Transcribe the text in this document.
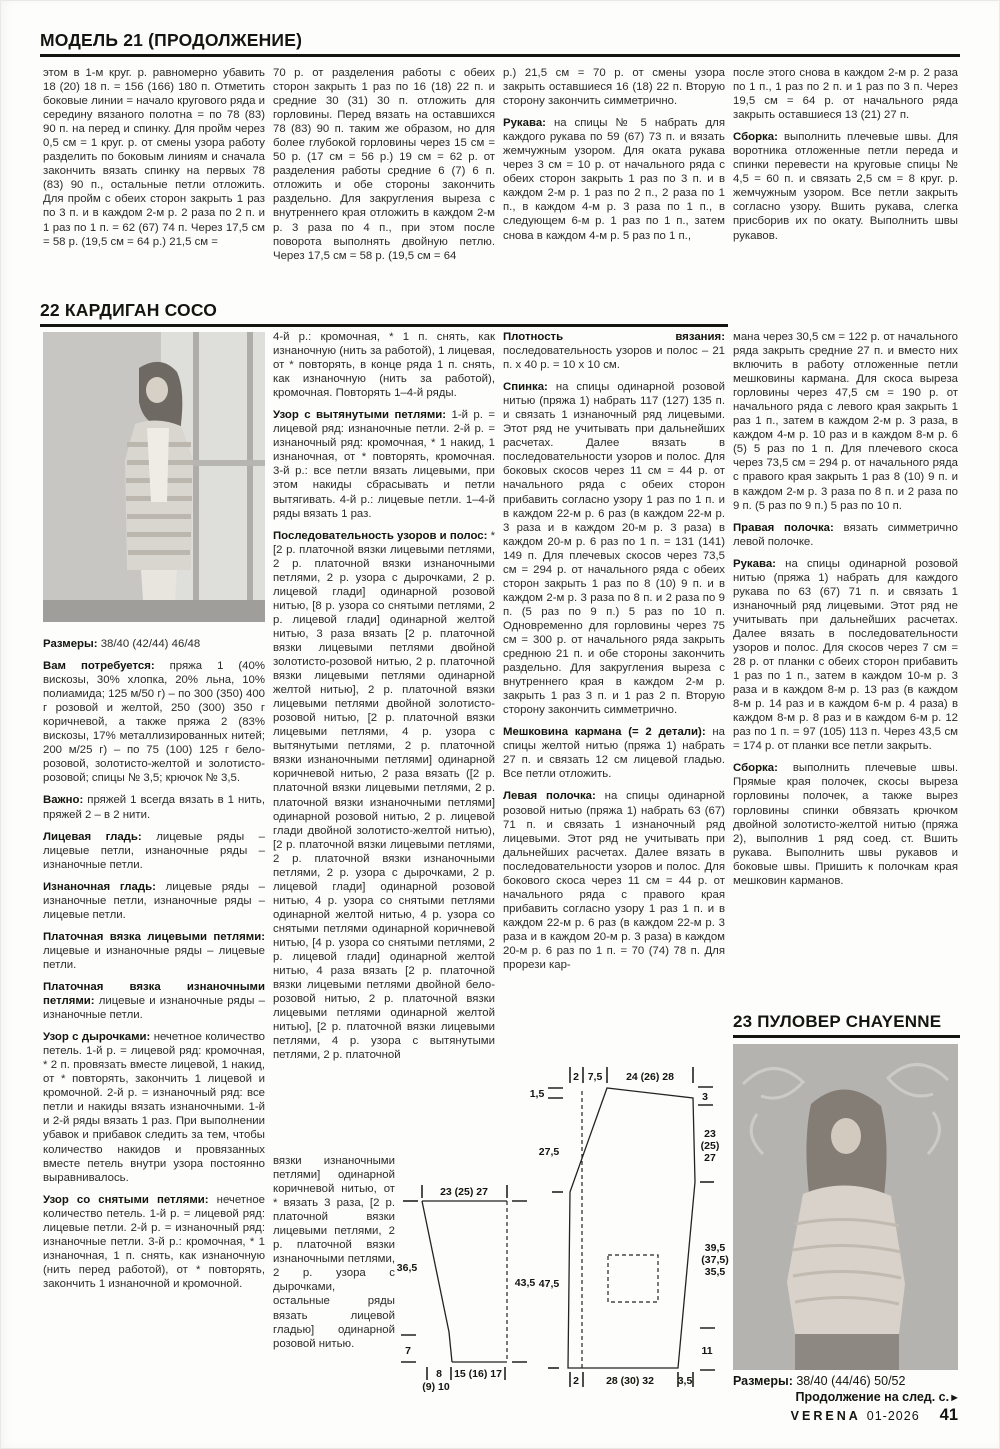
МОДЕЛЬ 21 (ПРОДОЛЖЕНИЕ)

этом в 1-м круг. р. равномерно убавить 18 (20) 18 п. = 156 (166) 180 п. Отметить боковые линии = начало кругового ряда и середину вязаного полотна = по 78 (83) 90 п. на перед и спинку. Для пройм через 0,5 см = 1 круг. р. от смены узора работу разделить по боковым линиям и сначала закончить вязать спинку на первых 78 (83) 90 п., остальные петли отложить. Для пройм с обеих сторон закрыть 1 раз по 3 п. и в каждом 2-м р. 2 раза по 2 п. и 1 раз по 1 п. = 62 (67) 74 п. Через 17,5 см = 58 р. (19,5 см = 64 р.) 21,5 см =

70 р. от разделения работы с обеих сторон закрыть 1 раз по 16 (18) 22 п. и средние 30 (31) 30 п. отложить для горловины. Перед вязать на оставшихся 78 (83) 90 п. таким же образом, но для более глубокой горловины через 15 см = 50 р. (17 см = 56 р.) 19 см = 62 р. от разделения работы средние 6 (7) 6 п. отложить и обе стороны закончить раздельно. Для закругления выреза с внутреннего края отложить в каждом 2-м р. 3 раза по 4 п., при этом после поворота выполнять двойную петлю. Через 17,5 см = 58 р. (19,5 см = 64

р.) 21,5 см = 70 р. от смены узора закрыть оставшиеся 16 (18) 22 п. Вторую сторону закончить симметрично.

Рукава: на спицы № 5 набрать для каждого рукава по 59 (67) 73 п. и вязать жемчужным узором. Для оката рукава через 3 см = 10 р. от начального ряда с обеих сторон закрыть 1 раз по 3 п. и в каждом 2-м р. 1 раз по 2 п., 2 раза по 1 п., в каждом 4-м р. 3 раза по 1 п., в следующем 6-м р. 1 раз по 1 п., затем снова в каждом 4-м р. 5 раз по 1 п.,

после этого снова в каждом 2-м р. 2 раза по 1 п., 1 раз по 2 п. и 1 раз по 3 п. Через 19,5 см = 64 р. от начального ряда закрыть оставшиеся 13 (21) 27 п.

Сборка: выполнить плечевые швы. Для воротника отложенные петли переда и спинки перевести на круговые спицы № 4,5 = 60 п. и связать 2,5 см = 8 круг. р. жемчужным узором. Все петли закрыть согласно узору. Вшить рукава, слегка присборив их по окату. Выполнить швы рукавов.

22 КАРДИГАН СОСО

Размеры: 38/40 (42/44) 46/48

Вам потребуется: пряжа 1 (40% вискозы, 30% хлопка, 20% льна, 10% полиамида; 125 м/50 г) – по 300 (350) 400 г розовой и желтой, 250 (300) 350 г коричневой, а также пряжа 2 (83% вискозы, 17% металлизированных нитей; 200 м/25 г) – по 75 (100) 125 г бело-розовой, золотисто-желтой и золотисто-розовой; спицы № 3,5; крючок № 3,5.

Важно: пряжей 1 всегда вязать в 1 нить, пряжей 2 – в 2 нити.

Лицевая гладь: лицевые ряды – лицевые петли, изнаночные ряды – изнаночные петли.

Изнаночная гладь: лицевые ряды – изнаночные петли, изнаночные ряды – лицевые петли.

Платочная вязка лицевыми петлями: лицевые и изнаночные ряды – лицевые петли.

Платочная вязка изнаночными петлями: лицевые и изнаночные ряды – изнаночные петли.

Узор с дырочками: нечетное количество петель. 1-й р. = лицевой ряд: кромочная, * 2 п. провязать вместе лицевой, 1 накид, от * повторять, закончить 1 лицевой и кромочной. 2-й р. = изнаночный ряд: все петли и накиды вязать изнаночными. 1-й и 2-й ряды вязать 1 раз. При выполнении убавок и прибавок следить за тем, чтобы количество накидов и провязанных вместе петель внутри узора постоянно выравнивалось.

Узор со снятыми петлями: нечетное количество петель. 1-й р. = лицевой ряд: лицевые петли. 2-й р. = изнаночный ряд: изнаночные петли. 3-й р.: кромочная, * 1 изнаночная, 1 п. снять, как изнаночную (нить перед работой), от * повторять, закончить 1 изнаночной и кромочной.

4-й р.: кромочная, * 1 п. снять, как изнаночную (нить за работой), 1 лицевая, от * повторять, в конце ряда 1 п. снять, как изнаночную (нить за работой), кромочная. Повторять 1–4-й ряды.

Узор с вытянутыми петлями: 1-й р. = лицевой ряд: изнаночные петли. 2-й р. = изнаночный ряд: кромочная, * 1 накид, 1 изнаночная, от * повторять, кромочная. 3-й р.: все петли вязать лицевыми, при этом накиды сбрасывать и петли вытягивать. 4-й р.: лицевые петли. 1–4-й ряды вязать 1 раз.

Последовательность узоров и полос: * [2 р. платочной вязки лицевыми петлями, 2 р. платочной вязки изнаночными петлями, 2 р. узора с дырочками, 2 р. лицевой глади] одинарной розовой нитью, [8 р. узора со снятыми петлями, 2 р. лицевой глади] одинарной желтой нитью, 3 раза вязать [2 р. платочной вязки лицевыми петлями двойной золотисто-розовой нитью, 2 р. платочной вязки лицевыми петлями одинарной желтой нитью], 2 р. платочной вязки лицевыми петлями двойной золотисто-розовой нитью, [2 р. платочной вязки лицевыми петлями, 4 р. узора с вытянутыми петлями, 2 р. платочной вязки изнаночными петлями] одинарной коричневой нитью, 2 раза вязать ([2 р. платочной вязки лицевыми петлями, 2 р. платочной вязки изнаночными петлями] одинарной розовой нитью, 2 р. лицевой глади двойной золотисто-желтой нитью), [2 р. платочной вязки лицевыми петлями, 2 р. платочной вязки изнаночными петлями, 2 р. узора с дырочками, 2 р. лицевой глади] одинарной розовой нитью, 4 р. узора со снятыми петлями одинарной желтой нитью, 4 р. узора со снятыми петлями одинарной коричневой нитью, [4 р. узора со снятыми петлями, 2 р. лицевой глади] одинарной желтой нитью, 4 раза вязать [2 р. платочной вязки лицевыми петлями двойной бело-розовой нитью, 2 р. платочной вязки лицевыми петлями одинарной желтой нитью], [2 р. платочной вязки лицевыми петлями, 4 р. узора с вытянутыми петлями, 2 р. платочной

вязки изнаночными петлями] одинарной коричневой нитью, от * вязать 3 раза, [2 р. платочной вязки лицевыми петлями, 2 р. платочной вязки изнаночными петлями, 2 р. узора с дырочками, остальные ряды вязать лицевой гладью] одинарной розовой нитью.

Плотность вязания: последовательность узоров и полос – 21 п. x 40 р. = 10 x 10 см.

Спинка: на спицы одинарной розовой нитью (пряжа 1) набрать 117 (127) 135 п. и связать 1 изнаночный ряд лицевыми. Этот ряд не учитывать при дальнейших расчетах. Далее вязать в последовательности узоров и полос. Для боковых скосов через 11 см = 44 р. от начального ряда с обеих сторон прибавить согласно узору 1 раз по 1 п. и в каждом 22-м р. 6 раз (в каждом 22-м р. 3 раза и в каждом 20-м р. 3 раза) в каждом 20-м р. 6 раз по 1 п. = 131 (141) 149 п. Для плечевых скосов через 73,5 см = 294 р. от начального ряда с обеих сторон закрыть 1 раз по 8 (10) 9 п. и в каждом 2-м р. 3 раза по 8 п. и 2 раза по 9 п. (5 раз по 9 п.) 5 раз по 10 п. Одновременно для горловины через 75 см = 300 р. от начального ряда закрыть среднюю 21 п. и обе стороны закончить раздельно. Для закругления выреза с внутреннего края в каждом 2-м р. закрыть 1 раз 3 п. и 1 раз 2 п. Вторую сторону закончить симметрично.

Мешковина кармана (= 2 детали): на спицы желтой нитью (пряжа 1) набрать 27 п. и связать 12 см лицевой гладью. Все петли отложить.

Левая полочка: на спицы одинарной розовой нитью (пряжа 1) набрать 63 (67) 71 п. и связать 1 изнаночный ряд лицевыми. Этот ряд не учитывать при дальнейших расчетах. Далее вязать в последовательности узоров и полос. Для бокового скоса через 11 см = 44 р. от начального ряда с правого края прибавить согласно узору 1 раз 1 п. и в каждом 22-м р. 6 раз (в каждом 22-м р. 3 раза и в каждом 20-м р. 3 раза) в каждом 20-м р. 6 раз по 1 п. = 70 (74) 78 п. Для прорези кар-

мана через 30,5 см = 122 р. от начального ряда закрыть средние 27 п. и вместо них включить в работу отложенные петли мешковины кармана. Для скоса выреза горловины через 47,5 см = 190 р. от начального ряда с левого края закрыть 1 раз 1 п., затем в каждом 2-м р. 3 раза, в каждом 4-м р. 10 раз и в каждом 8-м р. 6 (5) 5 раз по 1 п. Для плечевого скоса через 73,5 см = 294 р. от начального ряда с правого края закрыть 1 раз 8 (10) 9 п. и в каждом 2-м р. 3 раза по 8 п. и 2 раза по 9 п. (5 раз по 9 п.) 5 раз по 10 п.

Правая полочка: вязать симметрично левой полочке.

Рукава: на спицы одинарной розовой нитью (пряжа 1) набрать для каждого рукава по 63 (67) 71 п. и связать 1 изнаночный ряд лицевыми. Этот ряд не учитывать при дальнейших расчетах. Далее вязать в последовательности узоров и полос. Для скосов через 7 см = 28 р. от планки с обеих сторон прибавить 1 раз по 1 п., затем в каждом 10-м р. 3 раза и в каждом 8-м р. 13 раз (в каждом 8-м р. 14 раз и в каждом 6-м р. 4 раза) в каждом 8-м р. 8 раз и в каждом 6-м р. 12 раз по 1 п. = 97 (105) 113 п. Через 43,5 см = 174 р. от планки все петли закрыть.

Сборка: выполнить плечевые швы. Прямые края полочек, скосы выреза горловины полочек, а также вырез горловины спинки обвязать крючком двойной золотисто-желтой нитью (пряжа 2), выполнив 1 ряд соед. ст. Вшить рукава. Выполнить швы рукавов и боковые швы. Пришить к полочкам края мешковин карманов.

23 (25) 27
36,5
7
43,5
8
(9) 10
15 (16) 17
2 7,5 24 (26) 28
1,5
27,5
47,5
3
23
(25)
27
39,5
(37,5)
35,5
11
2	28 (30) 32 3,5
23 ПУЛОВЕР CHAYENNE
Размеры: 38/40 (44/46) 50/52
Продолжение на след. с.►
VERENA 01-2026 41
